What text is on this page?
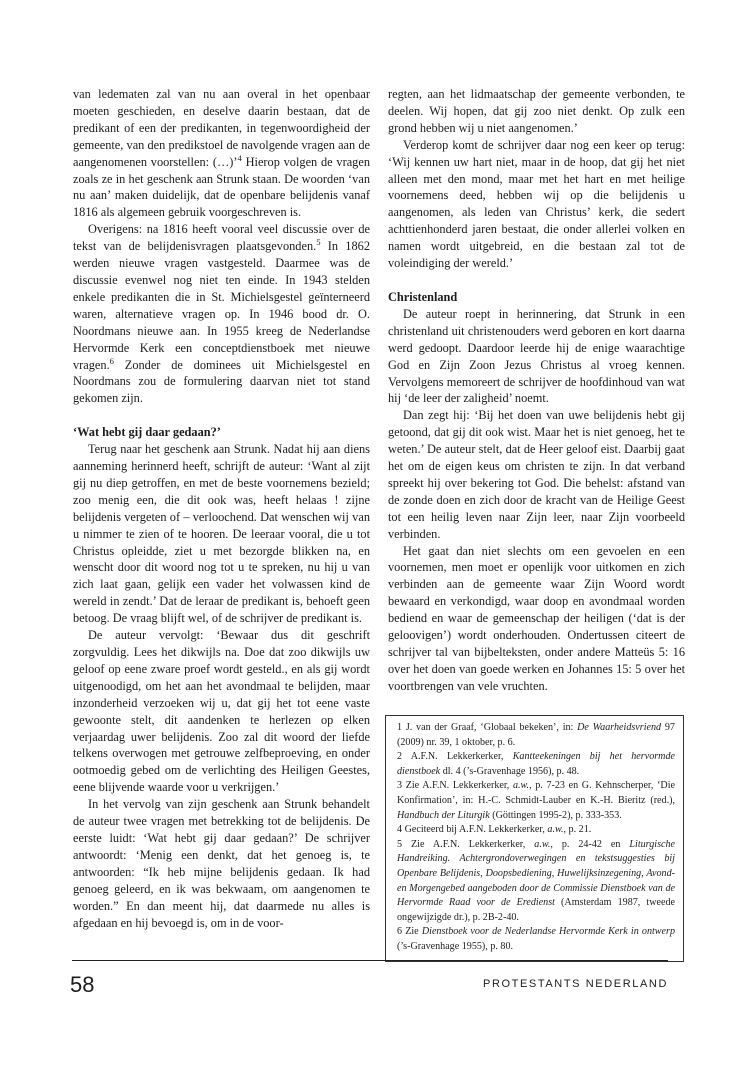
van ledematen zal van nu aan overal in het openbaar moeten geschieden, en deselve daarin bestaan, dat de predikant of een der predikanten, in tegenwoordigheid der gemeente, van den predikstoel de navolgende vragen aan de aangenomenen voorstellen: (…)’$^4$ Hierop volgen de vragen zoals ze in het geschenk aan Strunk staan. De woorden ‘van nu aan’ maken duidelijk, dat de openbare belijdenis vanaf 1816 als algemeen gebruik voorgeschreven is.

Overigens: na 1816 heeft vooral veel discussie over de tekst van de belijdenisvragen plaatsgevonden.$^5$ In 1862 werden nieuwe vragen vastgesteld. Daarmee was de discussie evenwel nog niet ten einde. In 1943 stelden enkele predikanten die in St. Michielsgestel geïnterneerd waren, alternatieve vragen op. In 1946 bood dr. O. Noordmans nieuwe aan. In 1955 kreeg de Nederlandse Hervormde Kerk een conceptdienstboek met nieuwe vragen.$^6$ Zonder de dominees uit Michielsgestel en Noordmans zou de formulering daarvan niet tot stand gekomen zijn.

‘Wat hebt gij daar gedaan?’

Terug naar het geschenk aan Strunk. Nadat hij aan diens aanneming herinnerd heeft, schrijft de auteur: ‘Want al zijt gij nu diep getroffen, en met de beste voornemens bezield; zoo menig een, die dit ook was, heeft helaas ! zijne belijdenis vergeten of – verloochend. Dat wenschen wij van u nimmer te zien of te hooren. De leeraar vooral, die u tot Christus opleidde, ziet u met bezorgde blikken na, en wenscht door dit woord nog tot u te spreken, nu hij u van zich laat gaan, gelijk een vader het volwassen kind de wereld in zendt.’ Dat de leraar de predikant is, behoeft geen betoog. De vraag blijft wel, of de schrijver de predikant is.

De auteur vervolgt: ‘Bewaar dus dit geschrift zorgvuldig. Lees het dikwijls na. Doe dat zoo dikwijls uw geloof op eene zware proef wordt gesteld., en als gij wordt uitgenoodigd, om het aan het avondmaal te belijden, maar inzonderheid verzoeken wij u, dat gij het tot eene vaste gewoonte stelt, dit aandenken te herlezen op elken verjaardag uwer belijdenis. Zoo zal dit woord der liefde telkens overwogen met getrouwe zelfbeproeving, en onder ootmoedig gebed om de verlichting des Heiligen Geestes, eene blijvende waarde voor u verkrijgen.’

In het vervolg van zijn geschenk aan Strunk behandelt de auteur twee vragen met betrekking tot de belijdenis. De eerste luidt: ‘Wat hebt gij daar gedaan?’ De schrijver antwoordt: ‘Menig een denkt, dat het genoeg is, te antwoorden: “Ik heb mijne belijdenis gedaan. Ik had genoeg geleerd, en ik was bekwaam, om aangenomen te worden.” En dan meent hij, dat daarmede nu alles is afgedaan en hij bevoegd is, om in de voor-

regten, aan het lidmaatschap der gemeente verbonden, te deelen. Wij hopen, dat gij zoo niet denkt. Op zulk een grond hebben wij u niet aangenomen.’

Verderop komt de schrijver daar nog een keer op terug: ‘Wij kennen uw hart niet, maar in de hoop, dat gij het niet alleen met den mond, maar met het hart en met heilige voornemens deed, hebben wij op die belijdenis u aangenomen, als leden van Christus’ kerk, die sedert achttienhonderd jaren bestaat, die onder allerlei volken en namen wordt uitgebreid, en die bestaan zal tot de voleindiging der wereld.’

Christenland

De auteur roept in herinnering, dat Strunk in een christenland uit christenouders werd geboren en kort daarna werd gedoopt. Daardoor leerde hij de enige waarachtige God en Zijn Zoon Jezus Christus al vroeg kennen. Vervolgens memoreert de schrijver de hoofdinhoud van wat hij ‘de leer der zaligheid’ noemt.

Dan zegt hij: ‘Bij het doen van uwe belijdenis hebt gij getoond, dat gij dit ook wist. Maar het is niet genoeg, het te weten.’ De auteur stelt, dat de Heer geloof eist. Daarbij gaat het om de eigen keus om christen te zijn. In dat verband spreekt hij over bekering tot God. Die behelst: afstand van de zonde doen en zich door de kracht van de Heilige Geest tot een heilig leven naar Zijn leer, naar Zijn voorbeeld verbinden.

Het gaat dan niet slechts om een gevoelen en een voornemen, men moet er openlijk voor uitkomen en zich verbinden aan de gemeente waar Zijn Woord wordt bewaard en verkondigd, waar doop en avondmaal worden bediend en waar de gemeenschap der heiligen (‘dat is der geloovigen’) wordt onderhouden. Ondertussen citeert de schrijver tal van bijbelteksten, onder andere Matteüs 5: 16 over het doen van goede werken en Johannes 15: 5 over het voortbrengen van vele vruchten.

1 J. van der Graaf, ‘Globaal bekeken’, in: De Waarheidsvriend 97 (2009) nr. 39, 1 oktober, p. 6.
2 A.F.N. Lekkerkerker, Kantteekeningen bij het hervormde dienstboek dl. 4 (’s-Gravenhage 1956), p. 48.
3 Zie A.F.N. Lekkerkerker, a.w., p. 7-23 en G. Kehnscherper, ‘Die Konfirmation’, in: H.-C. Schmidt-Lauber en K.-H. Bieritz (red.), Handbuch der Liturgik (Göttingen 1995-2), p. 333-353.
4 Geciteerd bij A.F.N. Lekkerkerker, a.w., p. 21.
5 Zie A.F.N. Lekkerkerker, a.w., p. 24-42 en Liturgische Handreiking. Achtergrondoverwegingen en tekstsuggesties bij Openbare Belijdenis, Doopsbediening, Huwelijksinzegening, Avond- en Morgengebed aangeboden door de Commissie Dienstboek van de Hervormde Raad voor de Eredienst (Amsterdam 1987, tweede ongewijzigde dr.), p. 2B-2-40.
6 Zie Dienstboek voor de Nederlandse Hervormde Kerk in ontwerp (’s-Gravenhage 1955), p. 80.
58	PROTESTANTS NEDERLAND
